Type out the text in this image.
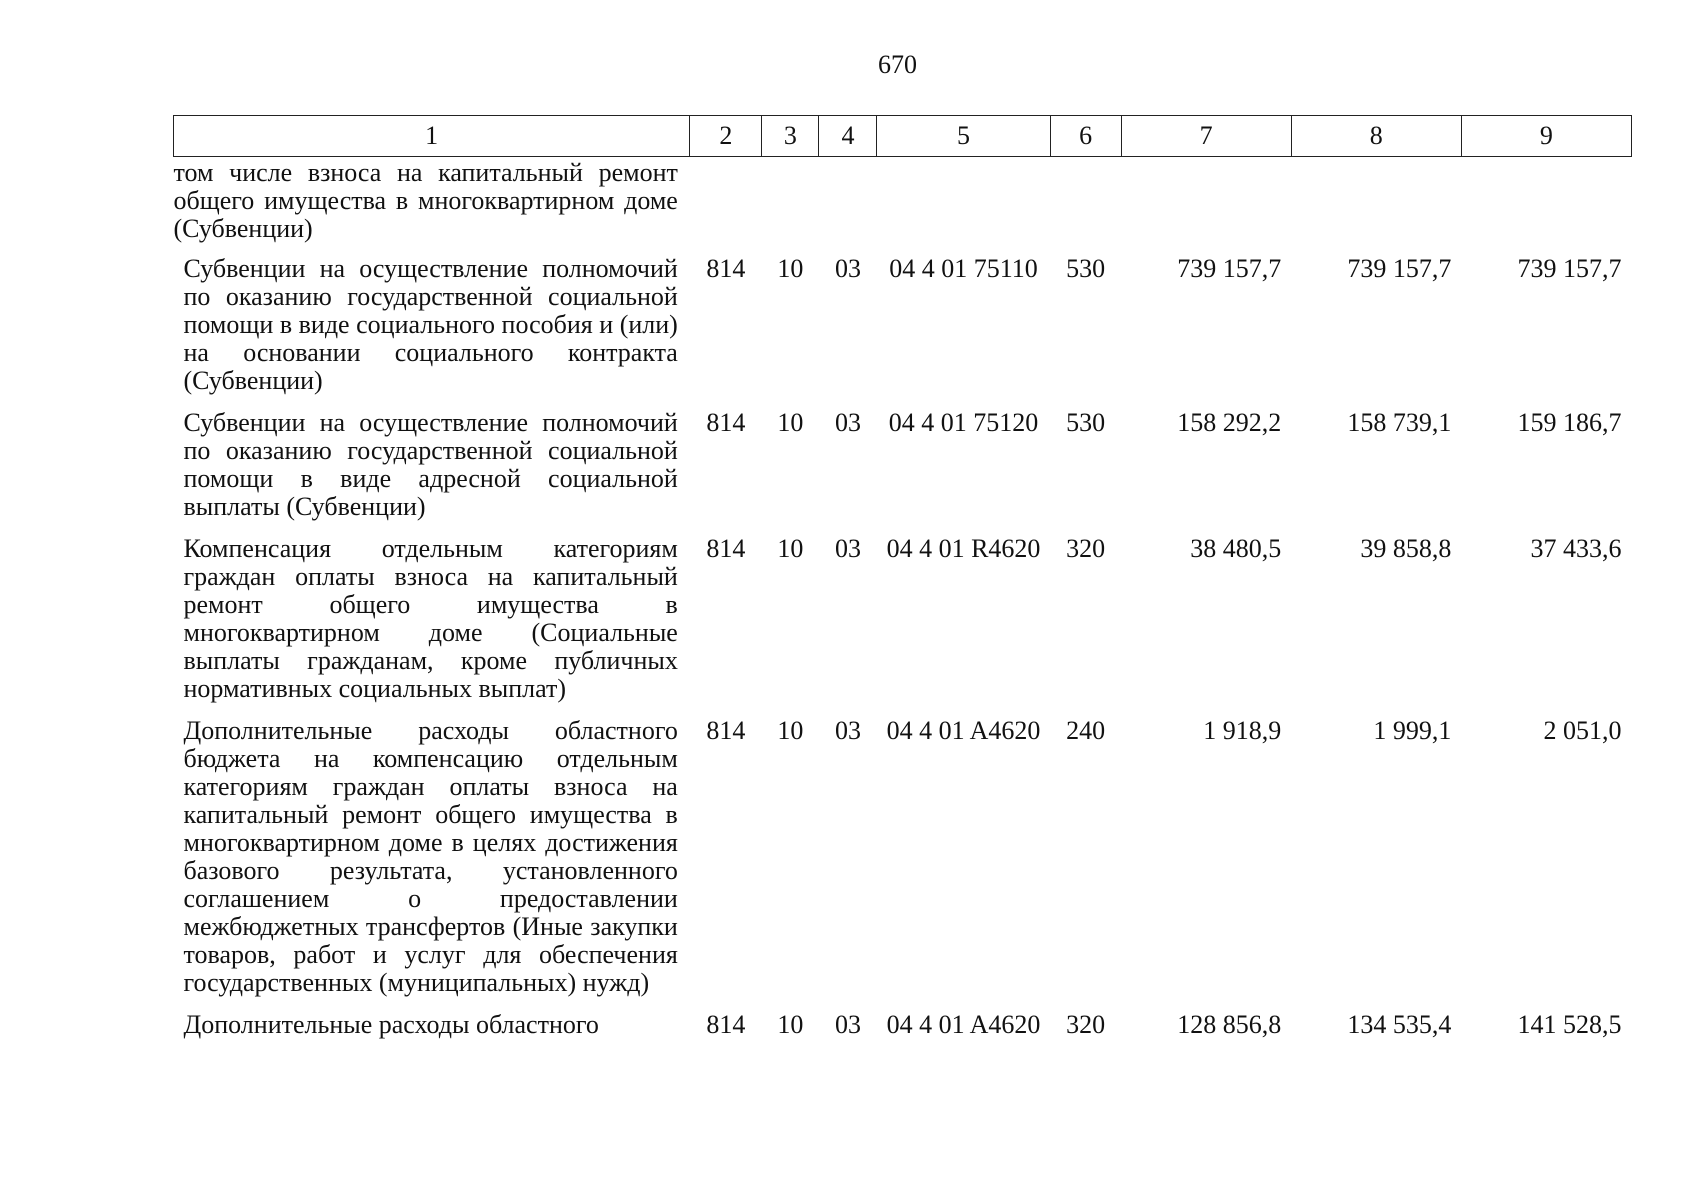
670
1	2	3	4	5	6	7	8	9
том числе взноса на капитальный ремонт общего имущества в многоквартирном доме (Субвенции)								
Субвенции на осуществление полномочий по оказанию государственной социальной помощи в виде социального пособия и (или) на основании социального контракта (Субвенции)	814	10	03	04 4 01 75110	530	739 157,7	739 157,7	739 157,7
Субвенции на осуществление полномочий по оказанию государственной социальной помощи в виде адресной социальной выплаты (Субвенции)	814	10	03	04 4 01 75120	530	158 292,2	158 739,1	159 186,7
Компенсация отдельным категориям граждан оплаты взноса на капитальный ремонт общего имущества в многоквартирном доме (Социальные выплаты гражданам, кроме публичных нормативных социальных выплат)	814	10	03	04 4 01 R4620	320	38 480,5	39 858,8	37 433,6
Дополнительные расходы областного бюджета на компенсацию отдельным категориям граждан оплаты взноса на капитальный ремонт общего имущества в многоквартирном доме в целях достижения базового результата, установленного соглашением о предоставлении межбюджетных трансфертов (Иные закупки товаров, работ и услуг для обеспечения государственных (муниципальных) нужд)	814	10	03	04 4 01 A4620	240	1 918,9	1 999,1	2 051,0
Дополнительные расходы областного	814	10	03	04 4 01 A4620	320	128 856,8	134 535,4	141 528,5
